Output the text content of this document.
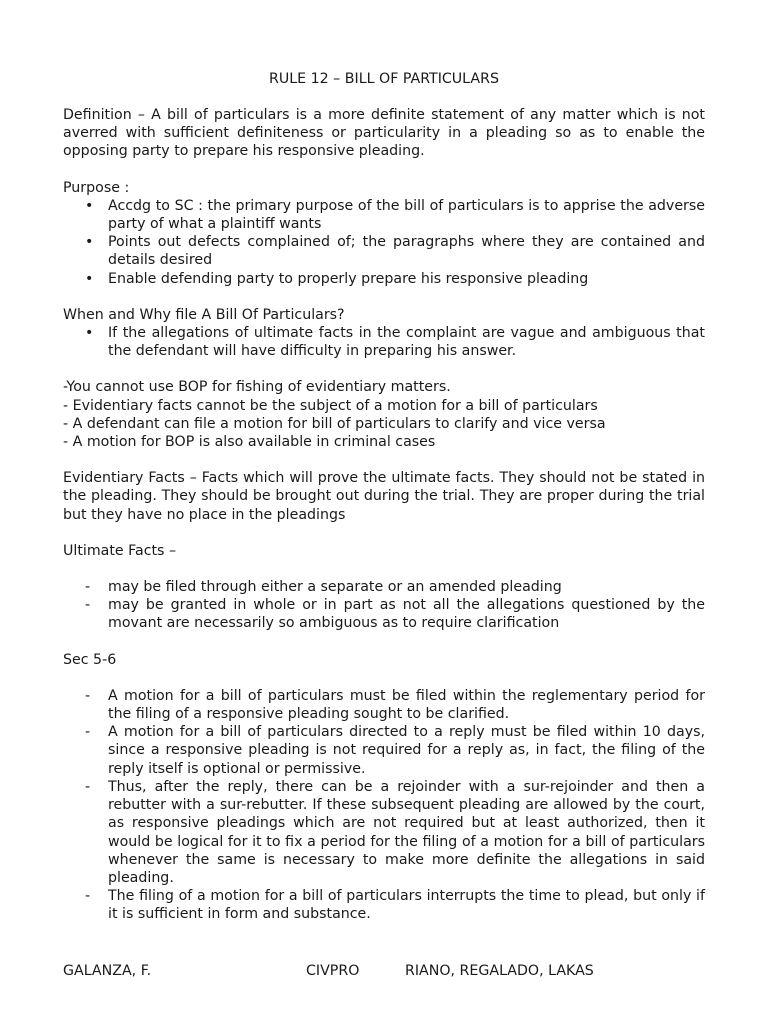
RULE 12 – BILL OF PARTICULARS

Definition – A bill of particulars is a more definite statement of any matter which is not averred with sufficient definiteness or particularity in a pleading so as to enable the opposing party to prepare his responsive pleading.

Purpose :

• Accdg to SC : the primary purpose of the bill of particulars is to apprise the adverse party of what a plaintiff wants
• Points out defects complained of; the paragraphs where they are contained and details desired
• Enable defending party to properly prepare his responsive pleading

When and Why file A Bill Of Particulars?

• If the allegations of ultimate facts in the complaint are vague and ambiguous that the defendant will have difficulty in preparing his answer.

-You cannot use BOP for fishing of evidentiary matters.

- Evidentiary facts cannot be the subject of a motion for a bill of particulars

- A defendant can file a motion for bill of particulars to clarify and vice versa

- A motion for BOP is also available in criminal cases

Evidentiary Facts – Facts which will prove the ultimate facts. They should not be stated in the pleading. They should be brought out during the trial. They are proper during the trial but they have no place in the pleadings

Ultimate Facts –

- may be filed through either a separate or an amended pleading
- may be granted in whole or in part as not all the allegations questioned by the movant are necessarily so ambiguous as to require clarification

Sec 5-6

- A motion for a bill of particulars must be filed within the reglementary period for the filing of a responsive pleading sought to be clarified.
- A motion for a bill of particulars directed to a reply must be filed within 10 days, since a responsive pleading is not required for a reply as, in fact, the filing of the reply itself is optional or permissive.
- Thus, after the reply, there can be a rejoinder with a sur-rejoinder and then a rebutter with a sur-rebutter. If these subsequent pleading are allowed by the court, as responsive pleadings which are not required but at least authorized, then it would be logical for it to fix a period for the filing of a motion for a bill of particulars whenever the same is necessary to make more definite the allegations in said pleading.
- The filing of a motion for a bill of particulars interrupts the time to plead, but only if it is sufficient in form and substance.
GALANZA, F.	CIVPRO	RIANO, REGALADO, LAKAS
